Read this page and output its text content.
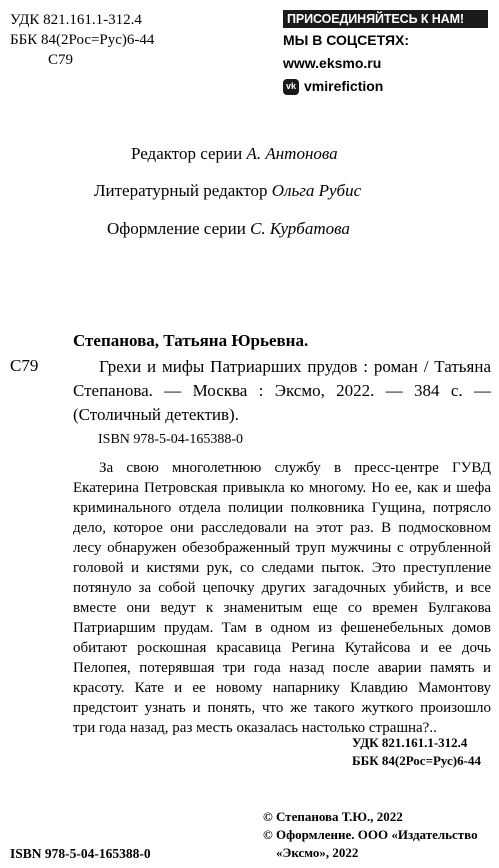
УДК 821.161.1-312.4
ББК 84(2Рос=Рус)6-44
С79
ПРИСОЕДИНЯЙТЕСЬ К НАМ!
МЫ В СОЦСЕТЯХ:
www.eksmo.ru
vk vmirefiction
Редактор серии А. Антонова
Литературный редактор Ольга Рубис
Оформление серии С. Курбатова
Степанова, Татьяна Юрьевна.
С79	Грехи и мифы Патриарших прудов : роман / Татьяна Степанова. — Москва : Эксмо, 2022. — 384 с. — (Столичный детектив).

ISBN 978-5-04-165388-0

За свою многолетнюю службу в пресс-центре ГУВД Екатерина Петровская привыкла ко многому. Но ее, как и шефа криминального отдела полиции полковника Гущина, потрясло дело, которое они расследовали на этот раз. В подмосковном лесу обнаружен обезображенный труп мужчины с отрубленной головой и кистями рук, со следами пыток. Это преступление потянуло за собой цепочку других загадочных убийств, и все вместе они ведут к знаменитым еще со времен Булгакова Патриаршим прудам. Там в одном из фешенебельных домов обитают роскошная красавица Регина Кутайсова и ее дочь Пелопея, потерявшая три года назад после аварии память и красоту. Кате и ее новому напарнику Клавдию Мамонтову предстоит узнать и понять, что же такого жуткого произошло три года назад, раз месть оказалась настолько страшна?..

УДК 821.161.1-312.4
ББК 84(2Рос=Рус)6-44
ISBN 978-5-04-165388-0
© Степанова Т.Ю., 2022
© Оформление. ООО «Издательство
«Эксмо», 2022
